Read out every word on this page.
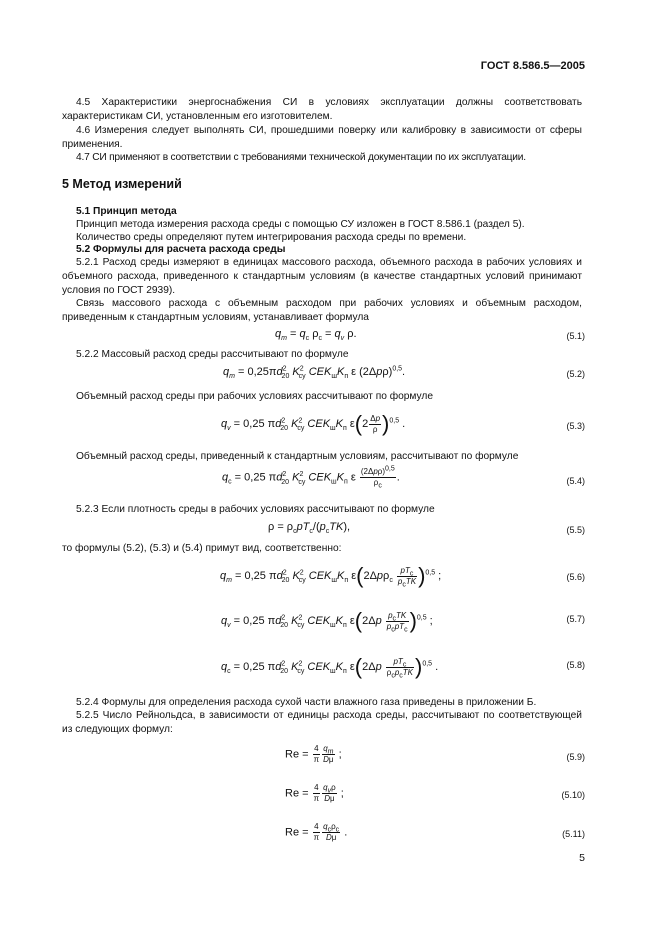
ГОСТ 8.586.5—2005
4.5 Характеристики энергоснабжения СИ в условиях эксплуатации должны соответствовать характеристикам СИ, установленным его изготовителем.
4.6 Измерения следует выполнять СИ, прошедшими поверку или калибровку в зависимости от сферы применения.
4.7 СИ применяют в соответствии с требованиями технической документации по их эксплуатации.
5 Метод измерений
5.1 Принцип метода
Принцип метода измерения расхода среды с помощью СУ изложен в ГОСТ 8.586.1 (раздел 5).
Количество среды определяют путем интегрирования расхода среды по времени.
5.2 Формулы для расчета расхода среды
5.2.1 Расход среды измеряют в единицах массового расхода, объемного расхода в рабочих условиях и объемного расхода, приведенного к стандартным условиям (в качестве стандартных условий принимают условия по ГОСТ 2939).
Связь массового расхода с объемным расходом при рабочих условиях и объемным расходом, приведенным к стандартным условиям, устанавливает формула
$q_m = q_c$ $\rho_c = q_v$ ρ.	(5.1)
5.2.2 Массовый расход среды рассчитывают по формуле
$q_m = 0,25\pi d^2_{20}$ $K^2_{су}$ $CEK_шK_п$ ε $(2\Delta p\rho)^{0,5}$.	(5.2)
Объемный расход среды при рабочих условиях рассчитывают по формуле
$q_v = 0,25$ $\pi d^2_{20}$ $K^2_{су}$ $CEK_шK_п$ $\varepsilon(2 \frac{\Delta p}{\rho} )^{0,5}$ .	(5.3)
Объемный расход среды, приведенный к стандартным условиям, рассчитывают по формуле
$q_c = 0,25$ $\pi d^2_{20}$ $K^2_{су}$ $CEK_шK_п$ ε $\frac{(2\Delta p\rho)^{0,5}}{\rho_c}$ .	(5.4)
5.2.3 Если плотность среды в рабочих условиях рассчитывают по формуле
$\rho = \rho_cpT_c/(p_cTK)$,	(5.5)
то формулы (5.2), (5.3) и (5.4) примут вид, соответственно:
$q_m = 0,25$ $\pi d^2_{20}$ $K^2_{су}$ $CEK_шK_п$ $\varepsilon(2\Delta p\rho_c \frac{pT_c}{p_cTK} )^{0,5}$ ;	(5.6)
$q_v = 0,25$ $\pi d^2_{20}$ $K^2_{су}$ $CEK_шK_п$ $\varepsilon(2\Delta p \frac{p_cTK}{p_cpT_c} )^{0,5}$ ;	(5.7)
$q_c = 0,25$ $\pi d^2_{20}$ $K^2_{су}$ $CEK_шK_п$ $\varepsilon(2\Delta p \frac{pT_c}{\rho_cp_cTK} )^{0,5}$ .	(5.8)
5.2.4 Формулы для определения расхода сухой части влажного газа приведены в приложении Б.
5.2.5 Число Рейнольдса, в зависимости от единицы расхода среды, рассчитывают по соответствующей из следующих формул:
$Re = \frac{4}{\pi} \frac{q_m}{D\mu}$ ;	(5.9)
$Re = \frac{4}{\pi} \frac{q_v\rho}{D\mu}$ ;	(5.10)
$Re = \frac{4}{\pi} \frac{q_c\rho_c}{D\mu}$ .	(5.11)
5
